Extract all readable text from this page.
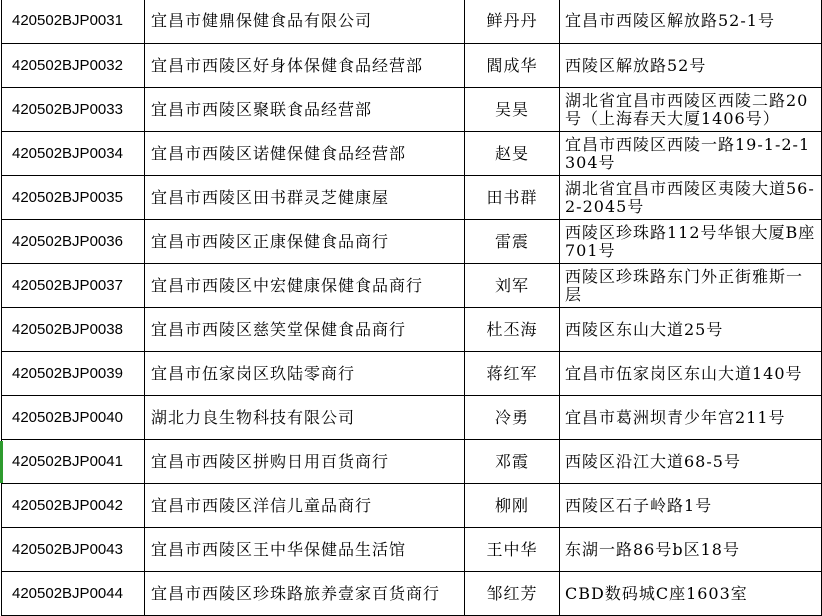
420502BJP0031	宜昌市健鼎保健食品有限公司	鲜丹丹	宜昌市西陵区解放路52-1号
420502BJP0032	宜昌市西陵区好身体保健食品经营部	閻成华	西陵区解放路52号
420502BJP0033	宜昌市西陵区聚联食品经营部	吴昊	湖北省宜昌市西陵区西陵二路20号（上海春天大厦1406号）
420502BJP0034	宜昌市西陵区诺健保健食品经营部	赵旻	宜昌市西陵区西陵一路19-1-2-1304号
420502BJP0035	宜昌市西陵区田书群灵芝健康屋	田书群	湖北省宜昌市西陵区夷陵大道56-2-2045号
420502BJP0036	宜昌市西陵区正康保健食品商行	雷震	西陵区珍珠路112号华银大厦B座701号
420502BJP0037	宜昌市西陵区中宏健康保健食品商行	刘军	西陵区珍珠路东门外正街雅斯一层
420502BJP0038	宜昌市西陵区慈笑堂保健食品商行	杜丕海	西陵区东山大道25号
420502BJP0039	宜昌市伍家岗区玖陆零商行	蒋红军	宜昌市伍家岗区东山大道140号
420502BJP0040	湖北力良生物科技有限公司	冷勇	宜昌市葛洲坝青少年宫211号
420502BJP0041	宜昌市西陵区拼购日用百货商行	邓霞	西陵区沿江大道68-5号
420502BJP0042	宜昌市西陵区洋信儿童品商行	柳刚	西陵区石子岭路1号
420502BJP0043	宜昌市西陵区王中华保健品生活馆	王中华	东湖一路86号b区18号
420502BJP0044	宜昌市西陵区珍珠路旅养壹家百货商行	邹红芳	CBD数码城C座1603室
